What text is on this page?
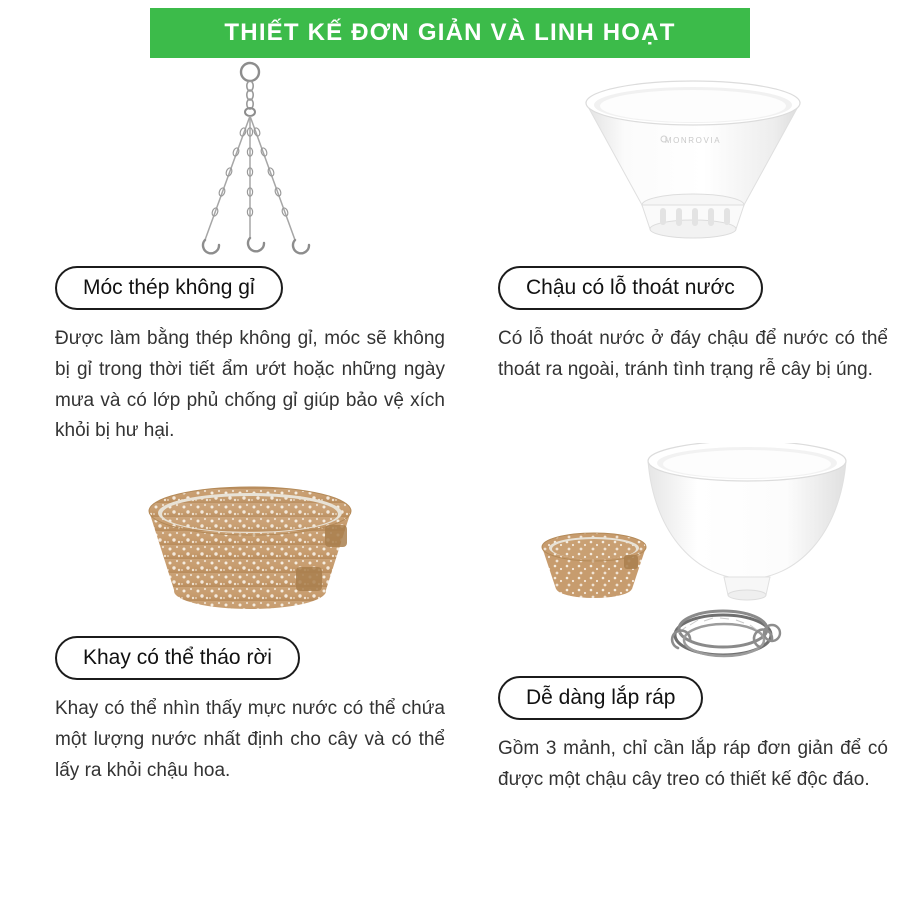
THIẾT KẾ ĐƠN GIẢN VÀ LINH HOẠT
Móc thép không gỉ

Được làm bằng thép không gỉ, móc sẽ không bị gỉ trong thời tiết ẩm ướt hoặc những ngày mưa và có lớp phủ chống gỉ giúp bảo vệ xích khỏi bị hư hại.

MONROVIA
Chậu có lỗ thoát nước

Có lỗ thoát nước ở đáy chậu để nước có thể thoát ra ngoài, tránh tình trạng rễ cây bị úng.

Khay có thể tháo rời

Khay có thể nhìn thấy mực nước có thể chứa một lượng nước nhất định cho cây và có thể lấy ra khỏi chậu hoa.

Dễ dàng lắp ráp

Gồm 3 mảnh, chỉ cần lắp ráp đơn giản để có được một chậu cây treo có thiết kế độc đáo.
